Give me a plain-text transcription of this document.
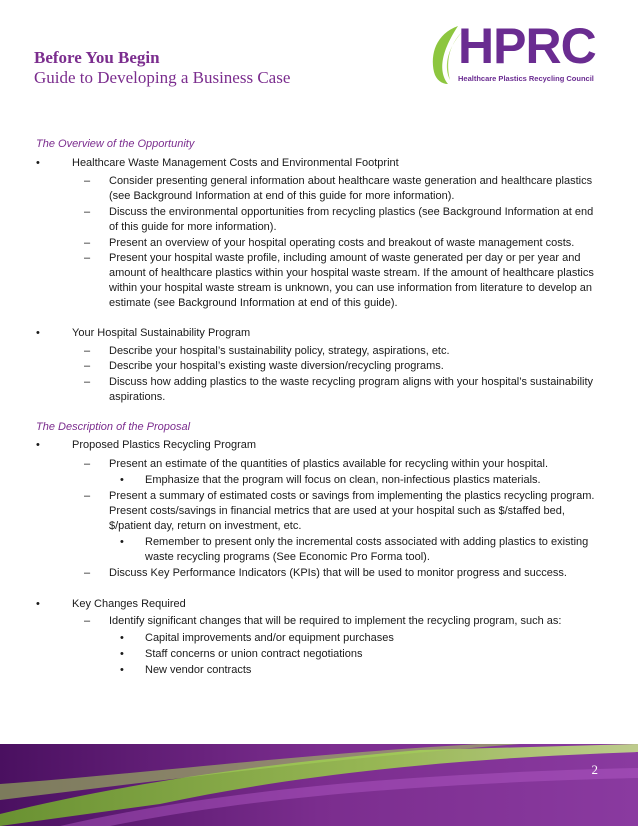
Before You Begin
Guide to Developing a Business Case
HPRC
Healthcare Plastics Recycling Council
The Overview of the Opportunity
•	Healthcare Waste Management Costs and Environmental Footprint
– Consider presenting general information about healthcare waste generation and healthcare plastics (see Background Information at end of this guide for more information).
– Discuss the environmental opportunities from recycling plastics (see Background Information at end of this guide for more information).
– Present an overview of your hospital operating costs and breakout of waste management costs.
– Present your hospital waste profile, including amount of waste generated per day or per year and amount of healthcare plastics within your hospital waste stream. If the amount of healthcare plastics within your hospital waste stream is unknown, you can use information from literature to develop an estimate (see Background Information at end of this guide).
•	Your Hospital Sustainability Program
– Describe your hospital’s sustainability policy, strategy, aspirations, etc.
– Describe your hospital’s existing waste diversion/recycling programs.
– Discuss how adding plastics to the waste recycling program aligns with your hospital’s sustainability aspirations.
The Description of the Proposal
•	Proposed Plastics Recycling Program
– Present an estimate of the quantities of plastics available for recycling within your hospital.
• Emphasize that the program will focus on clean, non-infectious plastics materials.
– Present a summary of estimated costs or savings from implementing the plastics recycling program. Present costs/savings in financial metrics that are used at your hospital such as $/staffed bed, $/patient day, return on investment, etc.
• Remember to present only the incremental costs associated with adding plastics to existing waste recycling programs (See Economic Pro Forma tool).
– Discuss Key Performance Indicators (KPIs) that will be used to monitor progress and success.
•	Key Changes Required
– Identify significant changes that will be required to implement the recycling program, such as:
• Capital improvements and/or equipment purchases
• Staff concerns or union contract negotiations
• New vendor contracts
2
